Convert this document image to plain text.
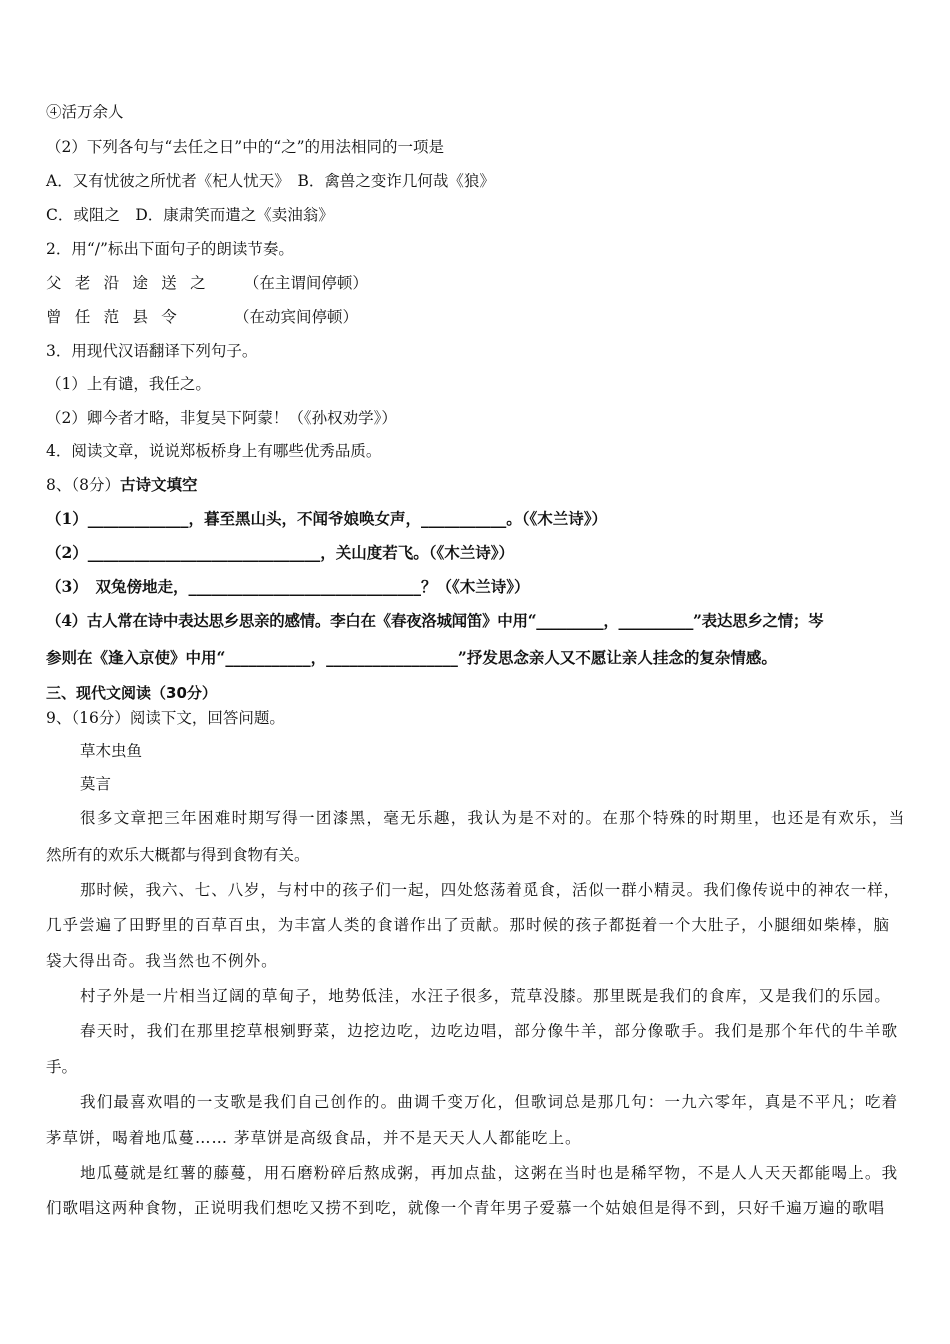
④活万余人
（2）下列各句与“去任之日”中的“之”的用法相同的一项是
A．又有忧彼之所忧者《杞人忧天》　B．禽兽之变诈几何哉《狼》
C．或阻之　D．康肃笑而遣之《卖油翁》
2．用“/”标出下面句子的朗读节奏。
父 老 沿 途 送 之 （在主谓间停顿）
曾 任 范 县 令	（在动宾间停顿）
3．用现代汉语翻译下列句子。
（1）上有谴，我任之。
（2）卿今者才略，非复吴下阿蒙！（《孙权劝学》）
4．阅读文章，说说郑板桥身上有哪些优秀品质。
8、（8分）古诗文填空
（1）_____________，暮至黑山头，不闻爷娘唤女声，___________。（《木兰诗》）
（2）______________________________，关山度若飞。（《木兰诗》）
（3）　双兔傍地走，______________________________？（《木兰诗》）
（4）古人常在诗中表达思乡思亲的感情。李白在《春夜洛城闻笛》中用“_________，__________”表达思乡之情；岑
参则在《逢入京使》中用“___________，_________________”抒发思念亲人又不愿让亲人挂念的复杂情感。
三、现代文阅读（30分）
9、（16分）阅读下文，回答问题。
草木虫鱼
莫言
很多文章把三年困难时期写得一团漆黑，毫无乐趣，我认为是不对的。在那个特殊的时期里，也还是有欢乐，当
然所有的欢乐大概都与得到食物有关。
那时候，我六、七、八岁，与村中的孩子们一起，四处悠荡着觅食，活似一群小精灵。我们像传说中的神农一样，
几乎尝遍了田野里的百草百虫，为丰富人类的食谱作出了贡献。那时候的孩子都挺着一个大肚子，小腿细如柴棒，脑
袋大得出奇。我当然也不例外。
村子外是一片相当辽阔的草甸子，地势低洼，水汪子很多，荒草没膝。那里既是我们的食库，又是我们的乐园。
春天时，我们在那里挖草根剜野菜，边挖边吃，边吃边唱，部分像牛羊，部分像歌手。我们是那个年代的牛羊歌
手。
我们最喜欢唱的一支歌是我们自己创作的。曲调千变万化，但歌词总是那几句：一九六零年，真是不平凡；吃着
茅草饼，喝着地瓜蔓…… 茅草饼是高级食品，并不是天天人人都能吃上。
地瓜蔓就是红薯的藤蔓，用石磨粉碎后熬成粥，再加点盐，这粥在当时也是稀罕物，不是人人天天都能喝上。我
们歌唱这两种食物，正说明我们想吃又捞不到吃，就像一个青年男子爱慕一个姑娘但是得不到，只好千遍万遍的歌唱
